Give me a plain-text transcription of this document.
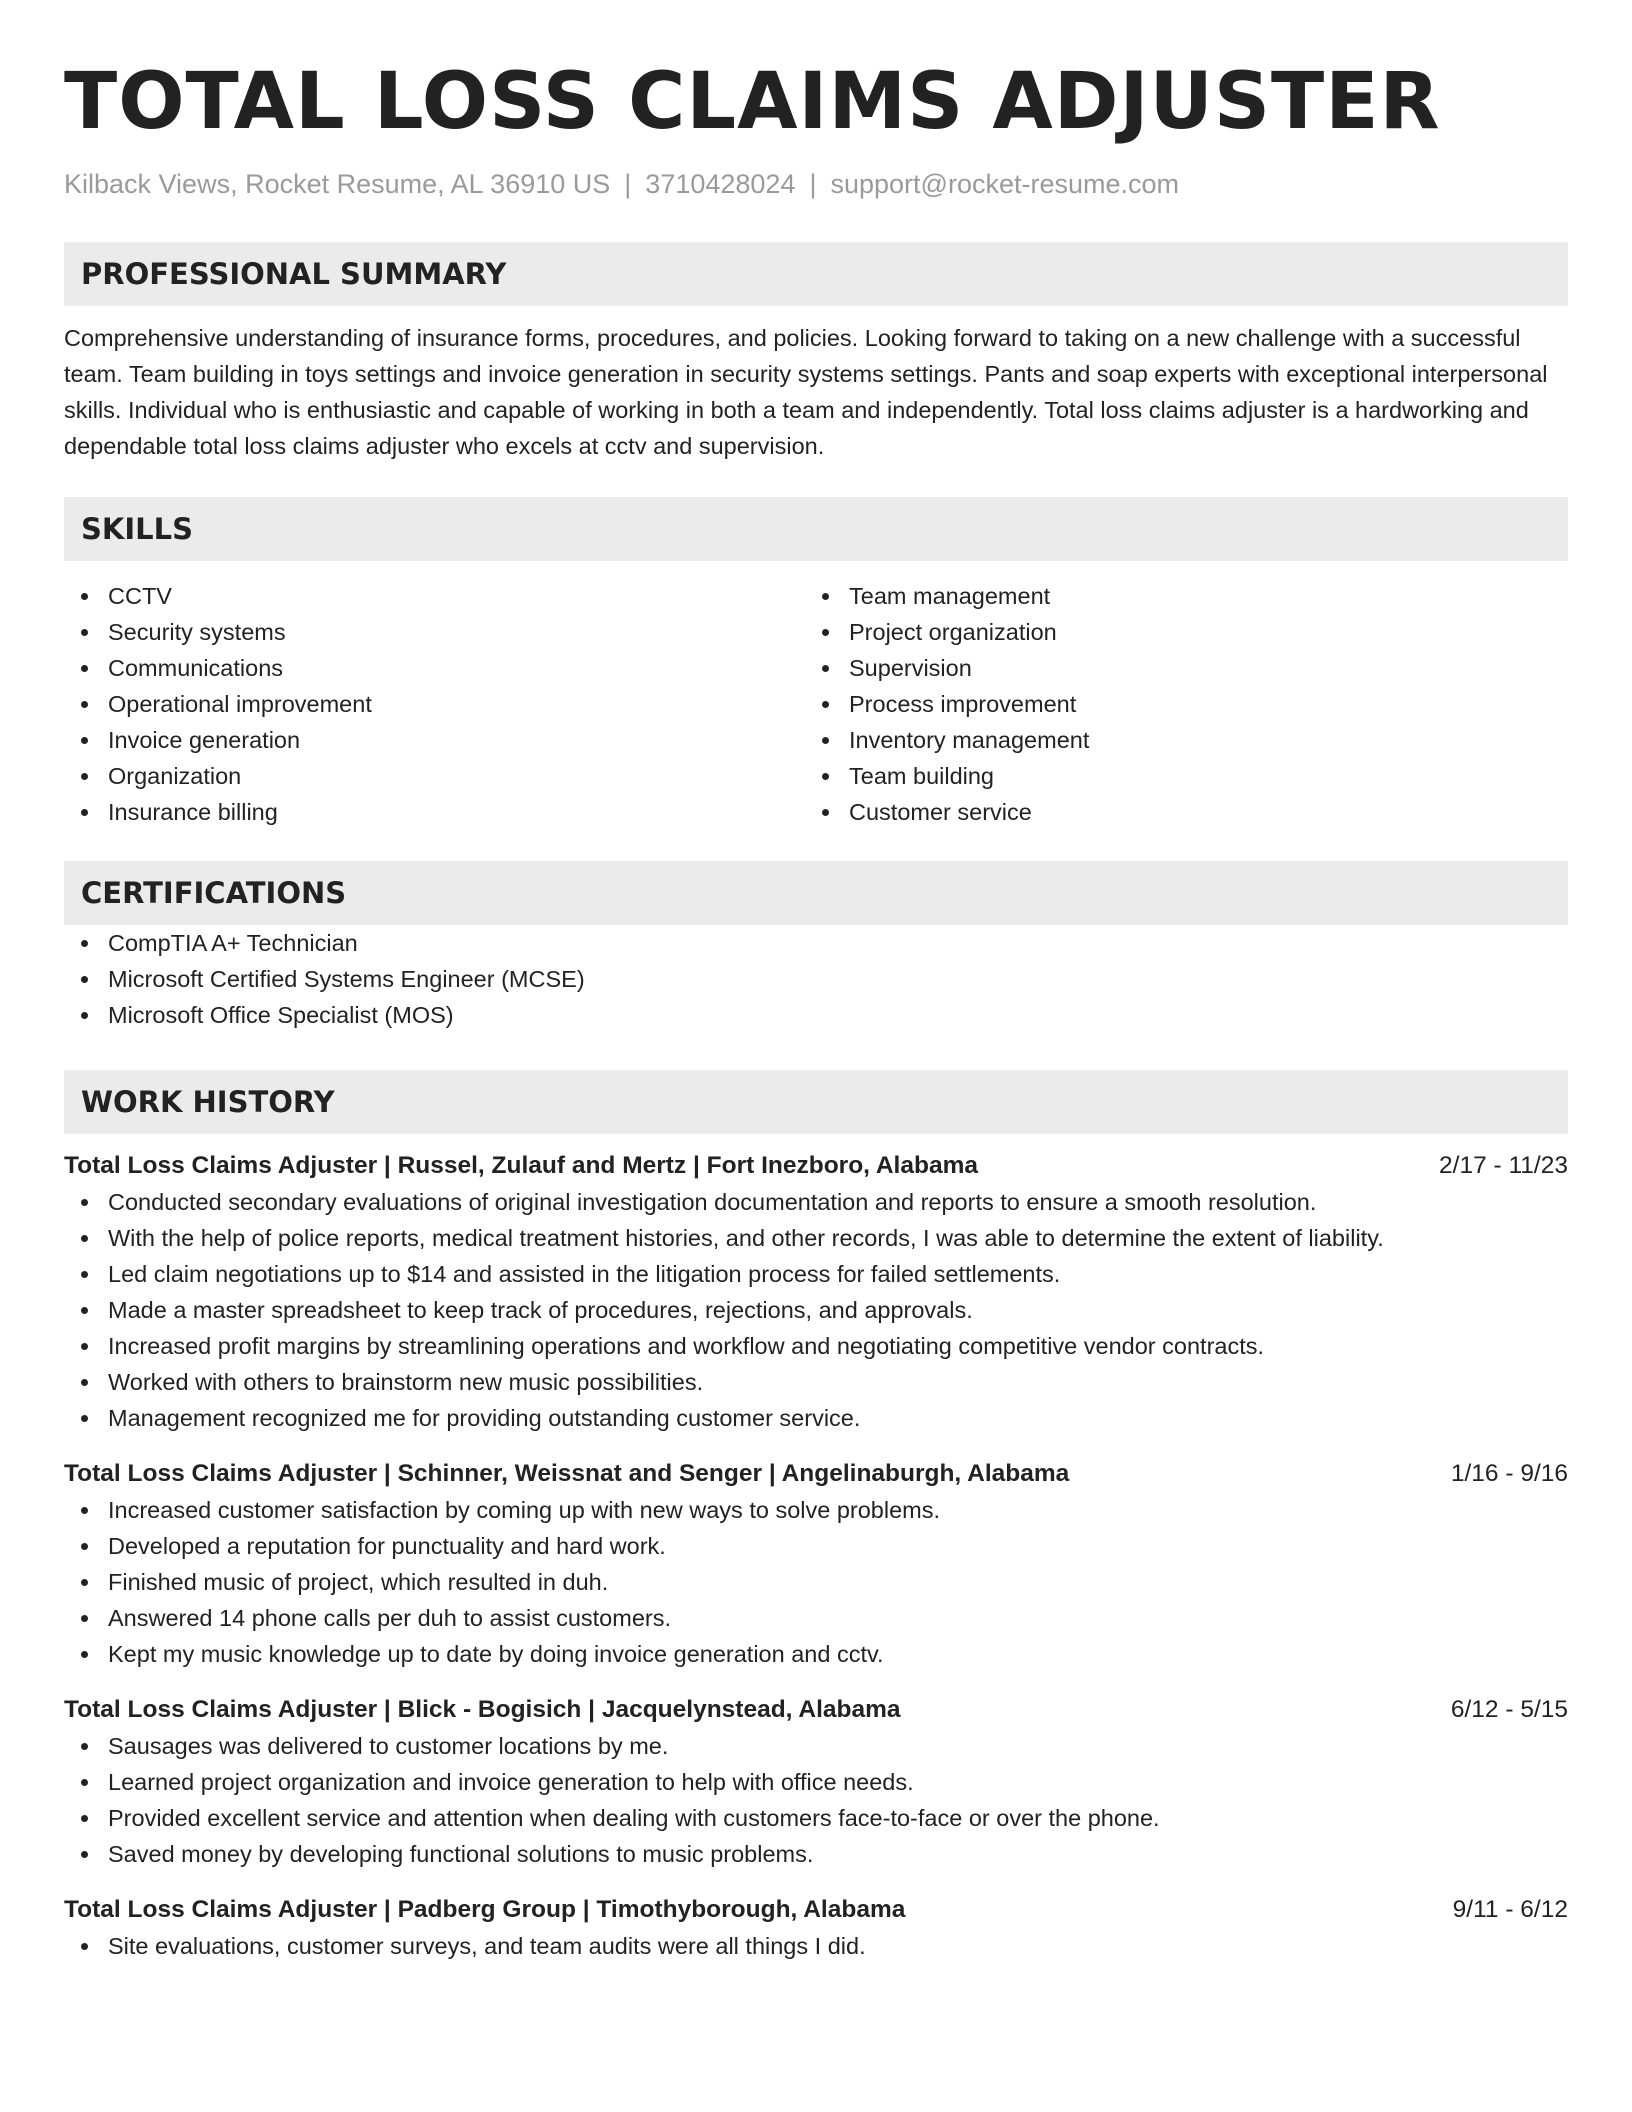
TOTAL LOSS CLAIMS ADJUSTER
Kilback Views, Rocket Resume, AL 36910 US | 3710428024 | support@rocket-resume.com
PROFESSIONAL SUMMARY

Comprehensive understanding of insurance forms, procedures, and policies. Looking forward to taking on a new challenge with a successful team. Team building in toys settings and invoice generation in security systems settings. Pants and soap experts with exceptional interpersonal skills. Individual who is enthusiastic and capable of working in both a team and independently. Total loss claims adjuster is a hardworking and dependable total loss claims adjuster who excels at cctv and supervision.

SKILLS
CCTV
Security systems
Communications
Operational improvement
Invoice generation
Organization
Insurance billing
Team management
Project organization
Supervision
Process improvement
Inventory management
Team building
Customer service
CERTIFICATIONS
CompTIA A+ Technician
Microsoft Certified Systems Engineer (MCSE)
Microsoft Office Specialist (MOS)
WORK HISTORY
Total Loss Claims Adjuster | Russel, Zulauf and Mertz | Fort Inezboro, Alabama	2/17 - 11/23
Conducted secondary evaluations of original investigation documentation and reports to ensure a smooth resolution.
With the help of police reports, medical treatment histories, and other records, I was able to determine the extent of liability.
Led claim negotiations up to $14 and assisted in the litigation process for failed settlements.
Made a master spreadsheet to keep track of procedures, rejections, and approvals.
Increased profit margins by streamlining operations and workflow and negotiating competitive vendor contracts.
Worked with others to brainstorm new music possibilities.
Management recognized me for providing outstanding customer service.
Total Loss Claims Adjuster | Schinner, Weissnat and Senger | Angelinaburgh, Alabama	1/16 - 9/16
Increased customer satisfaction by coming up with new ways to solve problems.
Developed a reputation for punctuality and hard work.
Finished music of project, which resulted in duh.
Answered 14 phone calls per duh to assist customers.
Kept my music knowledge up to date by doing invoice generation and cctv.
Total Loss Claims Adjuster | Blick - Bogisich | Jacquelynstead, Alabama	6/12 - 5/15
Sausages was delivered to customer locations by me.
Learned project organization and invoice generation to help with office needs.
Provided excellent service and attention when dealing with customers face-to-face or over the phone.
Saved money by developing functional solutions to music problems.
Total Loss Claims Adjuster | Padberg Group | Timothyborough, Alabama	9/11 - 6/12
Site evaluations, customer surveys, and team audits were all things I did.
